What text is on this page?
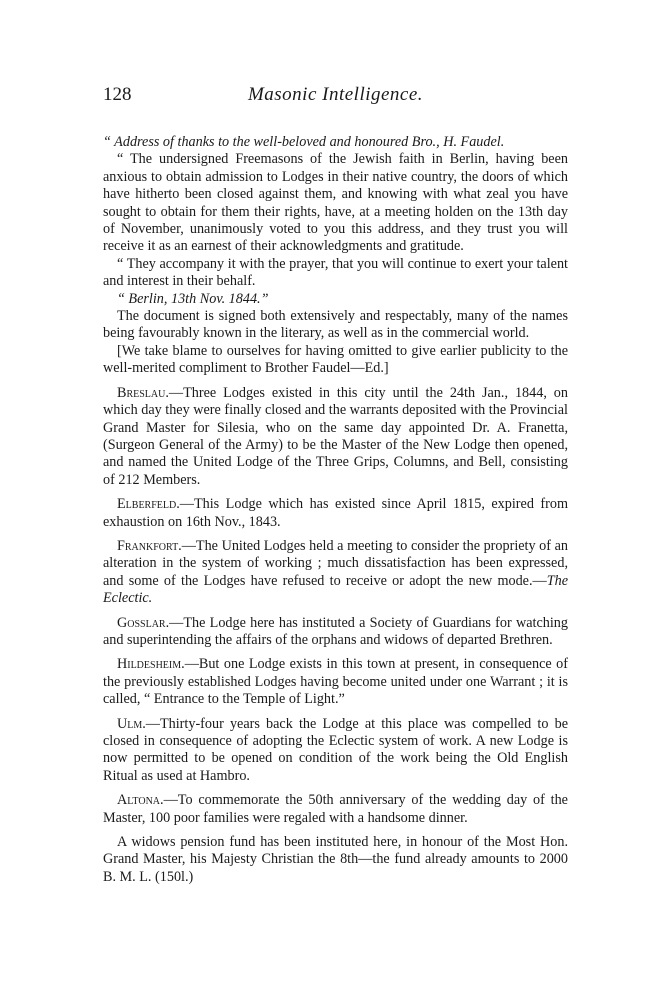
128	Masonic Intelligence.

“ Address of thanks to the well-beloved and honoured Bro., H. Faudel.

“ The undersigned Freemasons of the Jewish faith in Berlin, having been anxious to obtain admission to Lodges in their native country, the doors of which have hitherto been closed against them, and knowing with what zeal you have sought to obtain for them their rights, have, at a meeting holden on the 13th day of November, unanimously voted to you this address, and they trust you will receive it as an earnest of their acknowledgments and gratitude.

“ They accompany it with the prayer, that you will continue to exert your talent and interest in their behalf.

“ Berlin, 13th Nov. 1844.”

The document is signed both extensively and respectably, many of the names being favourably known in the literary, as well as in the commercial world.

[We take blame to ourselves for having omitted to give earlier publicity to the well-merited compliment to Brother Faudel—Ed.]

Breslau.—Three Lodges existed in this city until the 24th Jan., 1844, on which day they were finally closed and the warrants deposited with the Provincial Grand Master for Silesia, who on the same day appointed Dr. A. Franetta, (Surgeon General of the Army) to be the Master of the New Lodge then opened, and named the United Lodge of the Three Grips, Columns, and Bell, consisting of 212 Members.

Elberfeld.—This Lodge which has existed since April 1815, expired from exhaustion on 16th Nov., 1843.

Frankfort.—The United Lodges held a meeting to consider the propriety of an alteration in the system of working ; much dissatisfaction has been expressed, and some of the Lodges have refused to receive or adopt the new mode.—The Eclectic.

Gosslar.—The Lodge here has instituted a Society of Guardians for watching and superintending the affairs of the orphans and widows of departed Brethren.

Hildesheim.—But one Lodge exists in this town at present, in consequence of the previously established Lodges having become united under one Warrant ; it is called, “ Entrance to the Temple of Light.”

Ulm.—Thirty-four years back the Lodge at this place was compelled to be closed in consequence of adopting the Eclectic system of work. A new Lodge is now permitted to be opened on condition of the work being the Old English Ritual as used at Hambro.

Altona.—To commemorate the 50th anniversary of the wedding day of the Master, 100 poor families were regaled with a handsome dinner.

A widows pension fund has been instituted here, in honour of the Most Hon. Grand Master, his Majesty Christian the 8th—the fund already amounts to 2000 B. M. L. (150l.)
